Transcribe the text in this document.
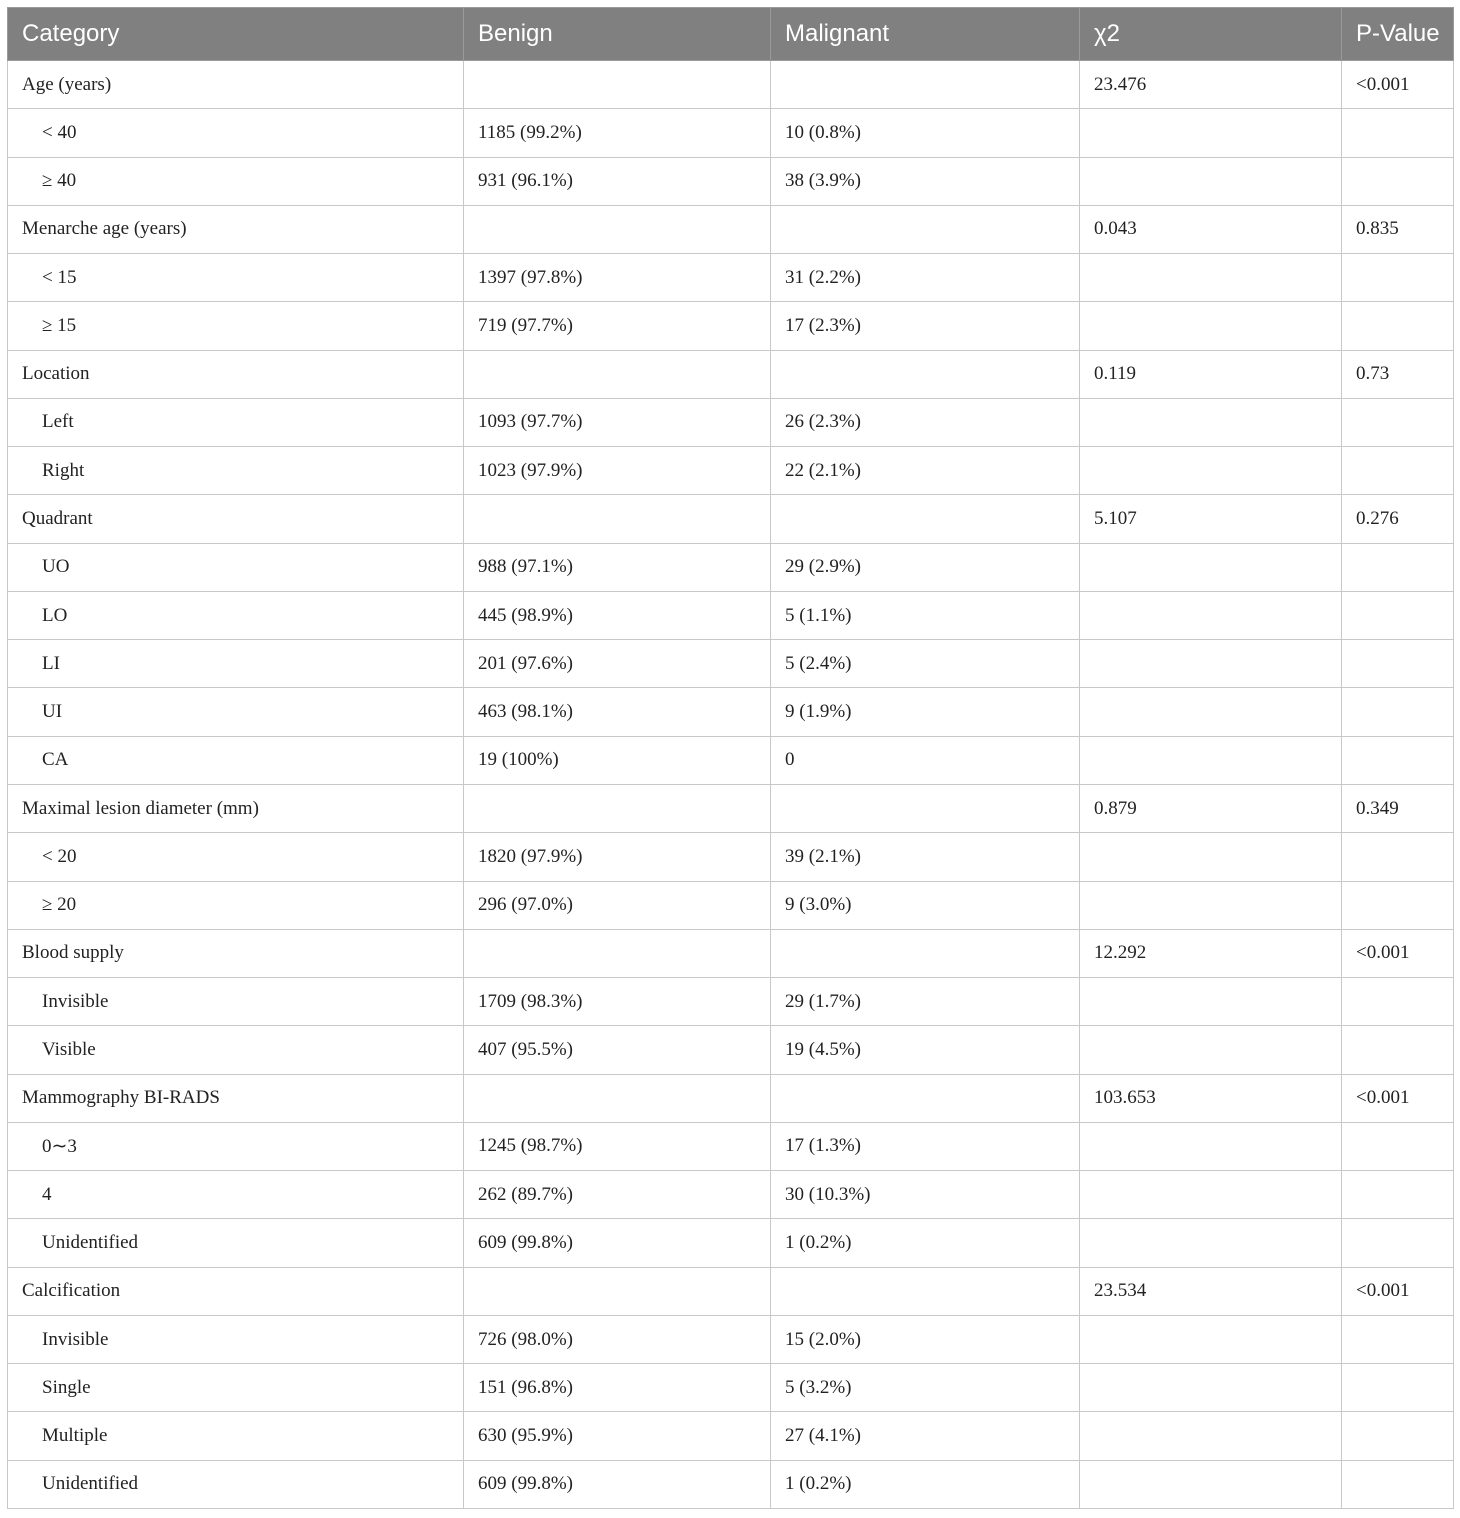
Category	Benign	Malignant	χ2	P-Value
Age (years)			23.476	<0.001
< 40	1185 (99.2%)	10 (0.8%)		
≥ 40	931 (96.1%)	38 (3.9%)		
Menarche age (years)			0.043	0.835
< 15	1397 (97.8%)	31 (2.2%)		
≥ 15	719 (97.7%)	17 (2.3%)		
Location			0.119	0.73
Left	1093 (97.7%)	26 (2.3%)		
Right	1023 (97.9%)	22 (2.1%)		
Quadrant			5.107	0.276
UO	988 (97.1%)	29 (2.9%)		
LO	445 (98.9%)	5 (1.1%)		
LI	201 (97.6%)	5 (2.4%)		
UI	463 (98.1%)	9 (1.9%)		
CA	19 (100%)	0		
Maximal lesion diameter (mm)			0.879	0.349
< 20	1820 (97.9%)	39 (2.1%)		
≥ 20	296 (97.0%)	9 (3.0%)		
Blood supply			12.292	<0.001
Invisible	1709 (98.3%)	29 (1.7%)		
Visible	407 (95.5%)	19 (4.5%)		
Mammography BI-RADS			103.653	<0.001
0∼3	1245 (98.7%)	17 (1.3%)		
4	262 (89.7%)	30 (10.3%)		
Unidentified	609 (99.8%)	1 (0.2%)		
Calcification			23.534	<0.001
Invisible	726 (98.0%)	15 (2.0%)		
Single	151 (96.8%)	5 (3.2%)		
Multiple	630 (95.9%)	27 (4.1%)		
Unidentified	609 (99.8%)	1 (0.2%)		
